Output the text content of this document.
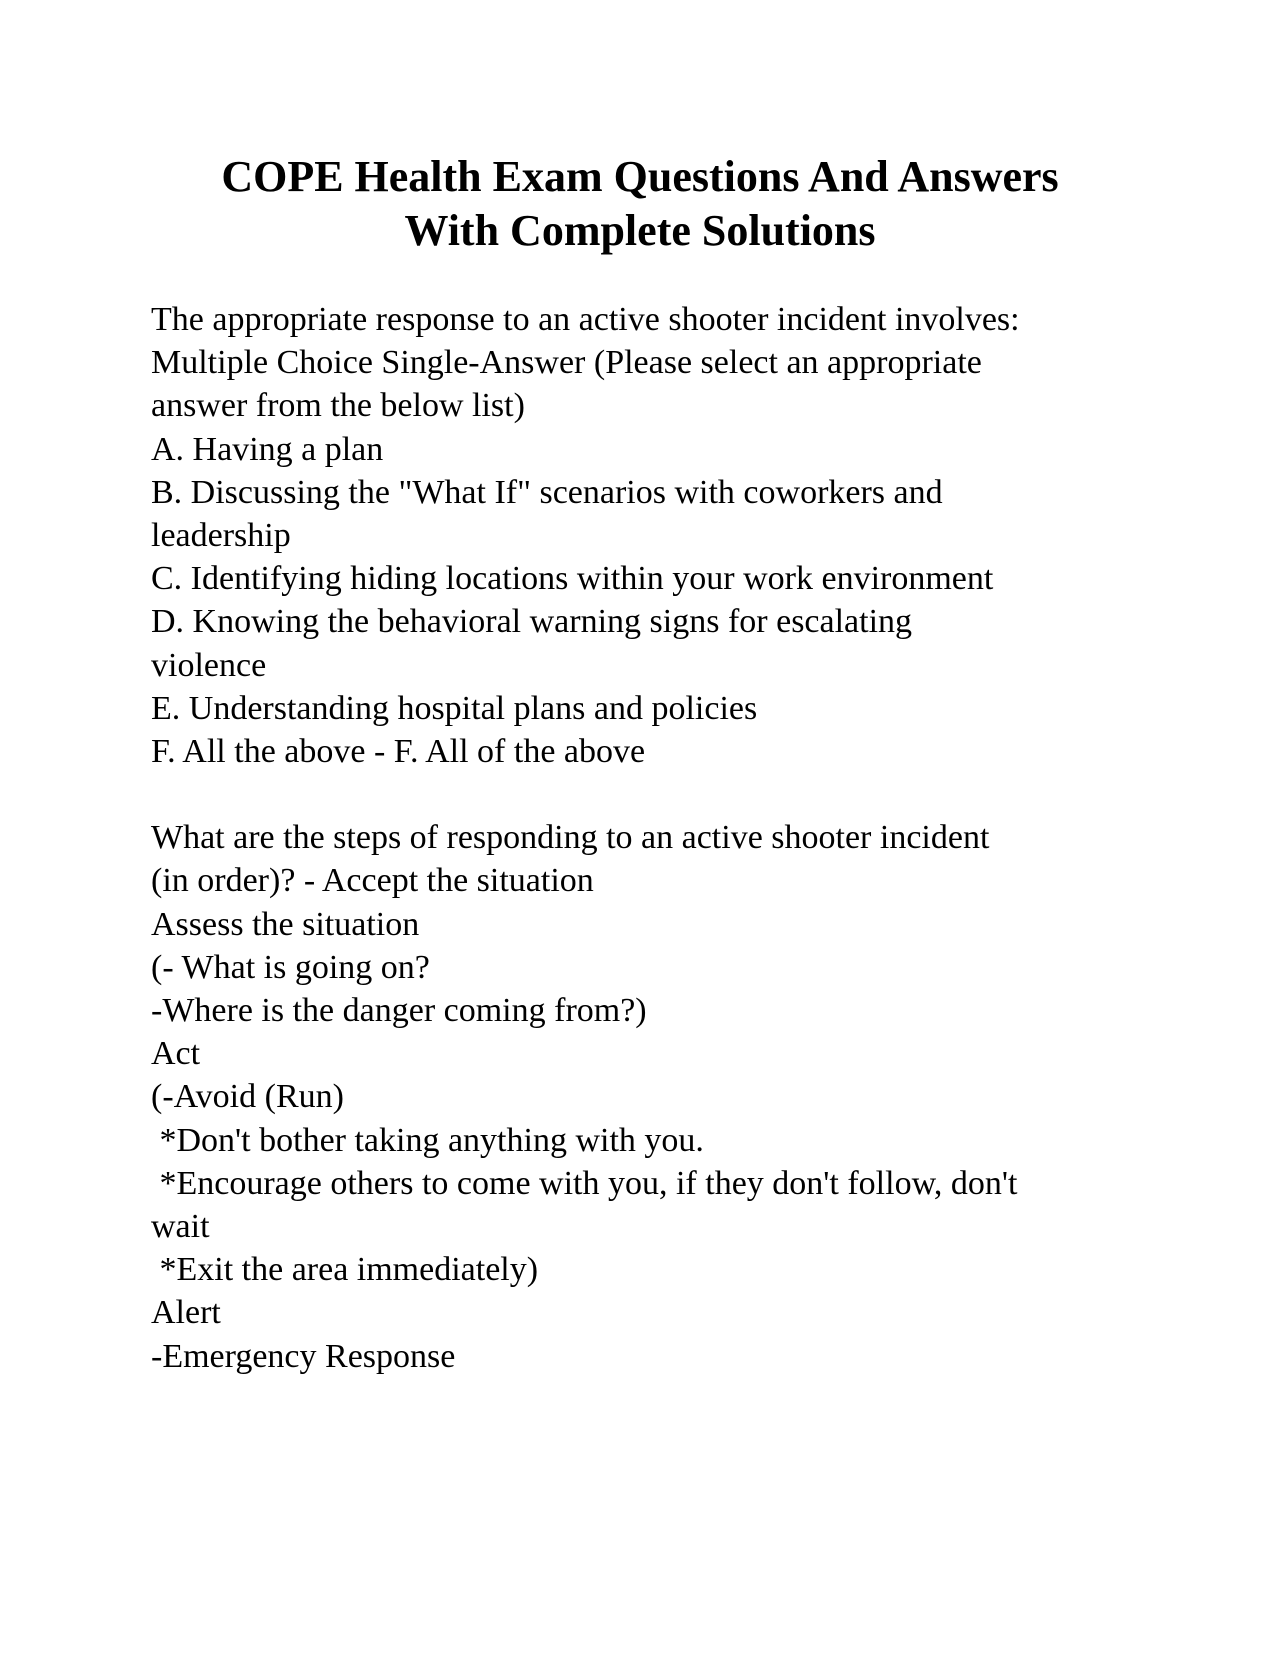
COPE Health Exam Questions And Answers
With Complete Solutions
The appropriate response to an active shooter incident involves:
Multiple Choice Single-Answer (Please select an appropriate
answer from the below list)
A. Having a plan
B. Discussing the "What If" scenarios with coworkers and
leadership
C. Identifying hiding locations within your work environment
D. Knowing the behavioral warning signs for escalating
violence
E. Understanding hospital plans and policies
F. All the above - F. All of the above
What are the steps of responding to an active shooter incident
(in order)? - Accept the situation
Assess the situation
(- What is going on?
-Where is the danger coming from?)
Act
(-Avoid (Run)
*Don't bother taking anything with you.
*Encourage others to come with you, if they don't follow, don't
wait
*Exit the area immediately)
Alert
-Emergency Response
